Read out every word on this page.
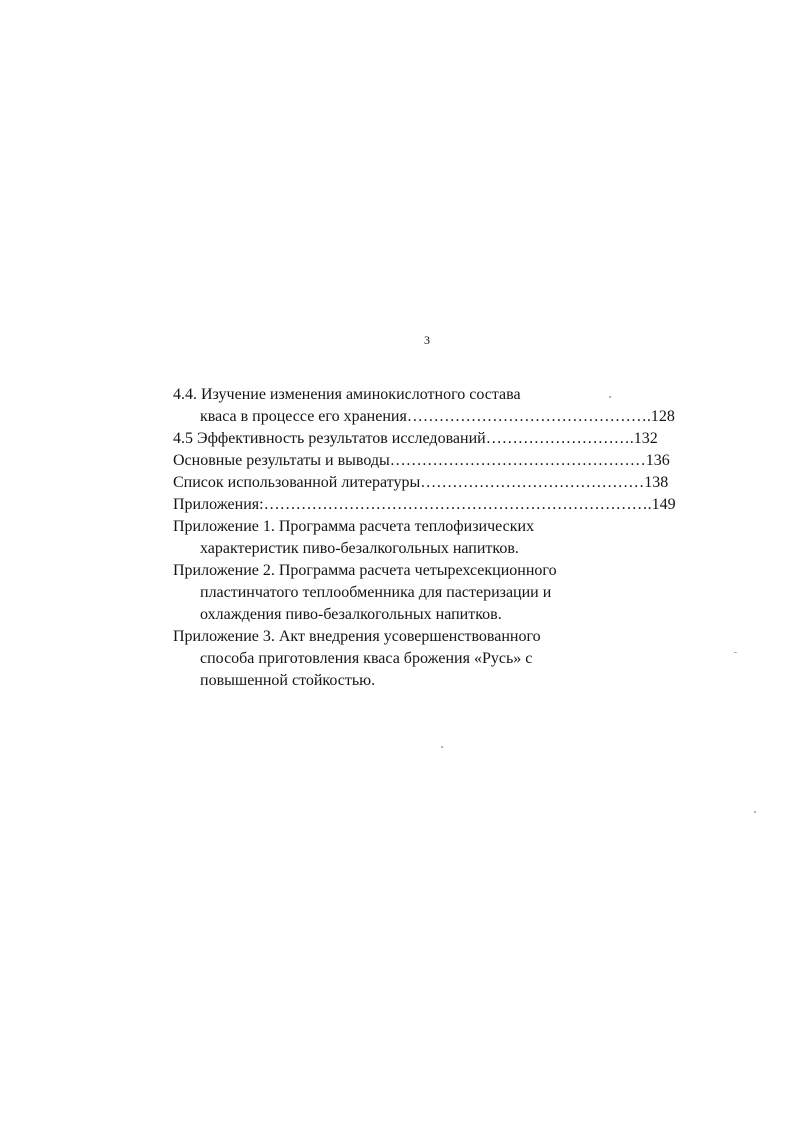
3
4.4. Изучение изменения аминокислотного состава
кваса в процессе его хранения……………………………………….128
4.5 Эффективность результатов исследований……………………….132
Основные результаты и выводы…………………………………………136
Список использованной литературы……………………………………138
Приложения:……………………………………………………………….149
Приложение 1. Программа расчета теплофизических
характеристик пиво-безалкогольных напитков.
Приложение 2. Программа расчета четырехсекционного
пластинчатого теплообменника для пастеризации и
охлаждения пиво-безалкогольных напитков.
Приложение 3. Акт внедрения усовершенствованного
способа приготовления кваса брожения «Русь» с
повышенной стойкостью.
